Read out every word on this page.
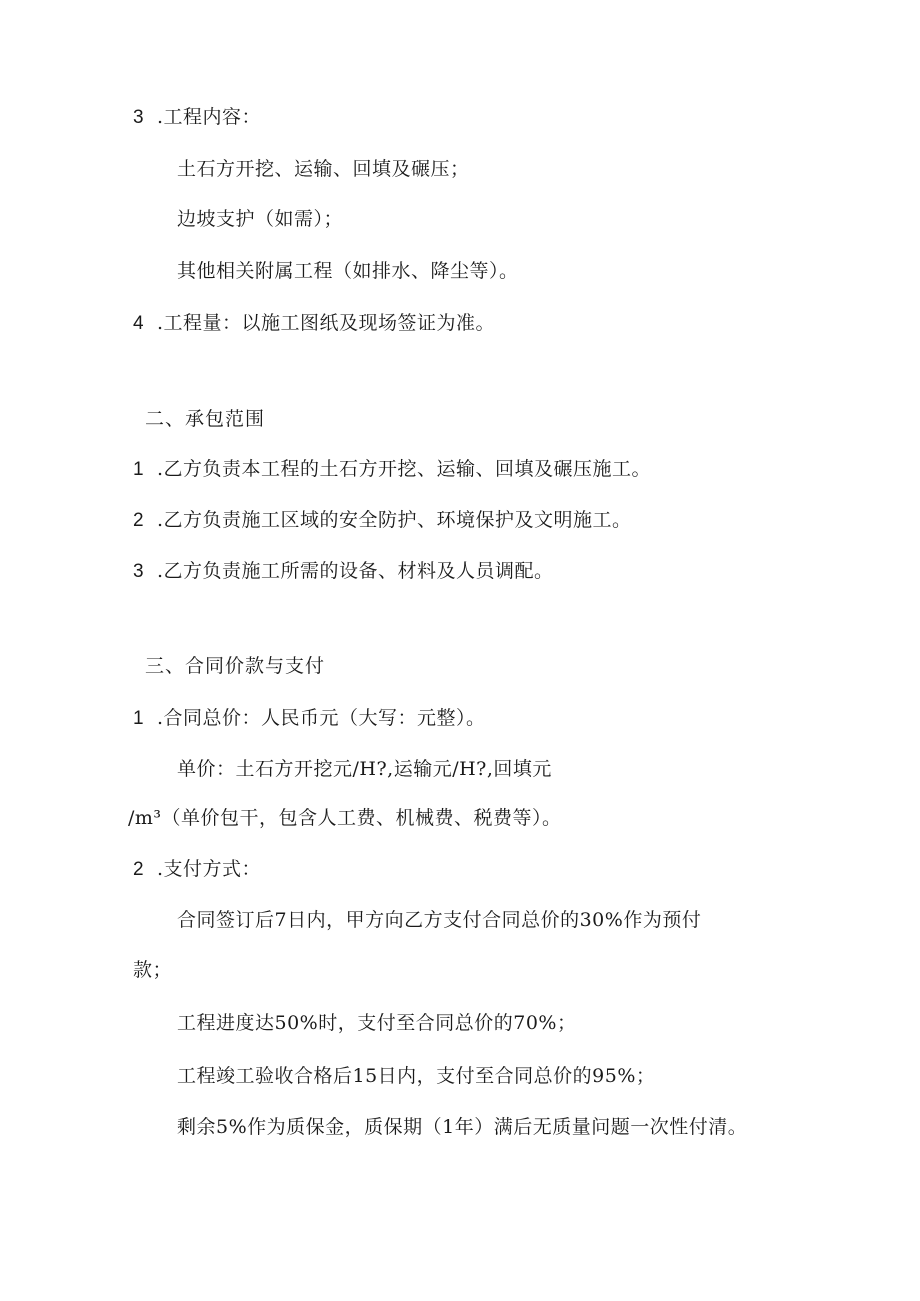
3 .工程内容：
土石方开挖、运输、回填及碾压；
边坡支护（如需）；
其他相关附属工程（如排水、降尘等）。
4 .工程量：以施工图纸及现场签证为准。
二、承包范围
1 .乙方负责本工程的土石方开挖、运输、回填及碾压施工。
2 .乙方负责施工区域的安全防护、环境保护及文明施工。
3 .乙方负责施工所需的设备、材料及人员调配。
三、合同价款与支付
1 .合同总价：人民币元（大写：元整）。
单价：土石方开挖元/H?,运输元/H?,回填元
/m³（单价包干，包含人工费、机械费、税费等）。
2 .支付方式：
合同签订后7日内，甲方向乙方支付合同总价的30%作为预付
款；
工程进度达50%时，支付至合同总价的70%；
工程竣工验收合格后15日内，支付至合同总价的95%；
剩余5%作为质保金，质保期（1年）满后无质量问题一次性付清。
